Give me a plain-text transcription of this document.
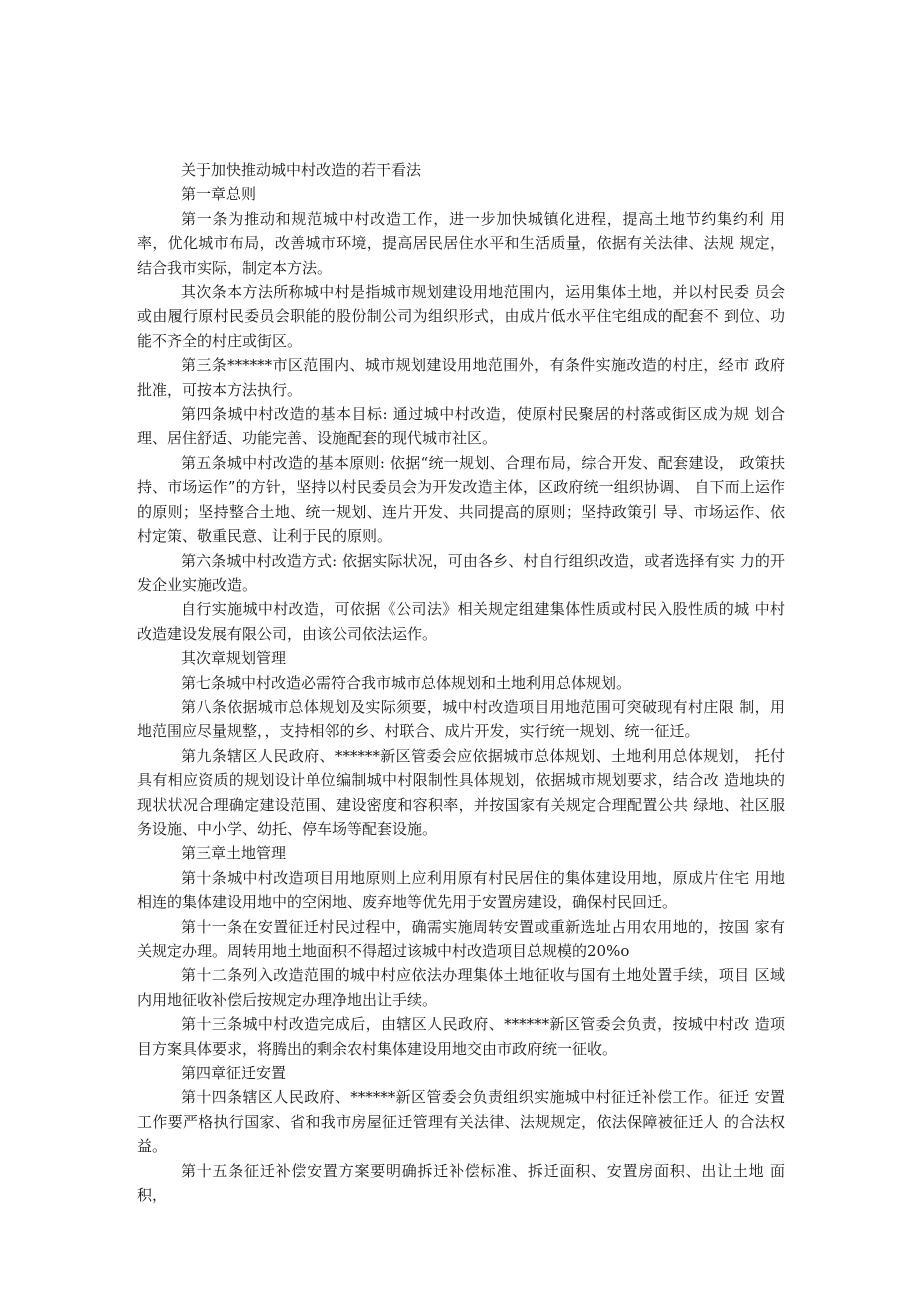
关于加快推动城中村改造的若干看法
第一章总则
第一条为推动和规范城中村改造工作，进一步加快城镇化进程，提高土地节约集约利 用率，优化城市布局，改善城市环境，提高居民居住水平和生活质量，依据有关法律、法规 规定，结合我市实际，制定本方法。
其次条本方法所称城中村是指城市规划建设用地范围内，运用集体土地，并以村民委 员会或由履行原村民委员会职能的股份制公司为组织形式，由成片低水平住宅组成的配套不 到位、功能不齐全的村庄或街区。
第三条******市区范围内、城市规划建设用地范围外，有条件实施改造的村庄，经市 政府批准，可按本方法执行。
第四条城中村改造的基本目标: 通过城中村改造，使原村民聚居的村落或街区成为规 划合理、居住舒适、功能完善、设施配套的现代城市社区。
第五条城中村改造的基本原则: 依据“统一规划、合理布局，综合开发、配套建设， 政策扶持、市场运作”的方针，坚持以村民委员会为开发改造主体，区政府统一组织协调、 自下而上运作的原则；坚持整合土地、统一规划、连片开发、共同提高的原则；坚持政策引 导、市场运作、依村定策、敬重民意、让利于民的原则。
第六条城中村改造方式: 依据实际状况，可由各乡、村自行组织改造，或者选择有实 力的开发企业实施改造。
自行实施城中村改造，可依据《公司法》相关规定组建集体性质或村民入股性质的城 中村改造建设发展有限公司，由该公司依法运作。
其次章规划管理
第七条城中村改造必需符合我市城市总体规划和土地利用总体规划。
第八条依据城市总体规划及实际须要，城中村改造项目用地范围可突破现有村庄限 制，用地范围应尽量规整，，支持相邻的乡、村联合、成片开发，实行统一规划、统一征迁。
第九条辖区人民政府、******新区管委会应依据城市总体规划、土地利用总体规划， 托付具有相应资质的规划设计单位编制城中村限制性具体规划，依据城市规划要求，结合改 造地块的现状状况合理确定建设范围、建设密度和容积率，并按国家有关规定合理配置公共 绿地、社区服务设施、中小学、幼托、停车场等配套设施。
第三章土地管理
第十条城中村改造项目用地原则上应利用原有村民居住的集体建设用地，原成片住宅 用地相连的集体建设用地中的空闲地、废弃地等优先用于安置房建设，确保村民回迁。
第十一条在安置征迁村民过程中，确需实施周转安置或重新选址占用农用地的，按国 家有关规定办理。周转用地土地面积不得超过该城中村改造项目总规模的20%o
第十二条列入改造范围的城中村应依法办理集体土地征收与国有土地处置手续，项目 区域内用地征收补偿后按规定办理净地出让手续。
第十三条城中村改造完成后，由辖区人民政府、******新区管委会负责，按城中村改 造项目方案具体要求，将腾出的剩余农村集体建设用地交由市政府统一征收。
第四章征迁安置
第十四条辖区人民政府、******新区管委会负责组织实施城中村征迁补偿工作。征迁 安置工作要严格执行国家、省和我市房屋征迁管理有关法律、法规规定，依法保障被征迁人 的合法权益。
第十五条征迁补偿安置方案要明确拆迁补偿标准、拆迁面积、安置房面积、出让土地 面积，
